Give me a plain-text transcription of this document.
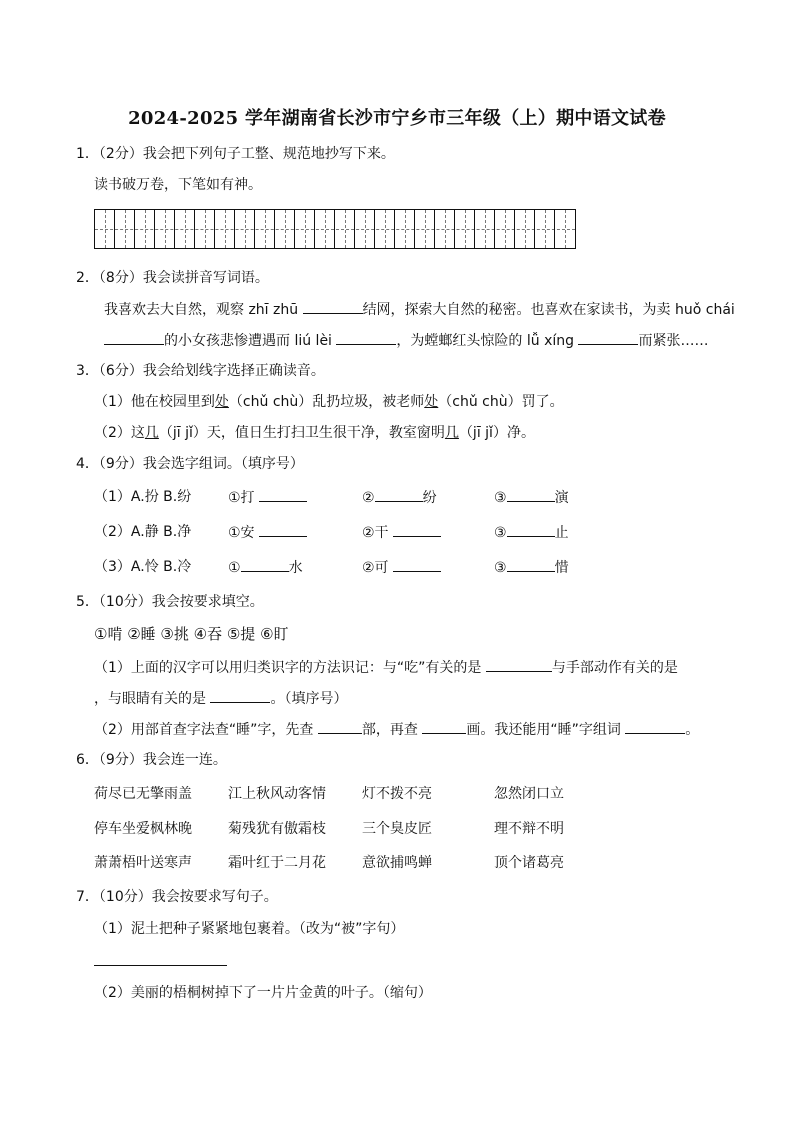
2024-2025 学年湖南省长沙市宁乡市三年级（上）期中语文试卷
1．（2分）我会把下列句子工整、规范地抄写下来。
读书破万卷，下笔如有神。
2．（8分）我会读拼音写词语。
我喜欢去大自然，观察 zhī zhū	结网，探索大自然的秘密。也喜欢在家读书，为卖 huǒ chái
的小女孩悲惨遭遇而 liú lèi	，为螳螂红头惊险的 lǚ xíng	而紧张……
3．（6分）我会给划线字选择正确读音。
（1）他在校园里到处（chǔ chù）乱扔垃圾，被老师处（chǔ chù）罚了。
（2）这几（jī jǐ）天，值日生打扫卫生很干净，教室窗明几（jī jǐ）净。
4．（9分）我会选字组词。（填序号）
（1）A.扮 B.纷	①打	②	纷	③	演
（2）A.静 B.净	①安	②干	③	止
（3）A.怜 B.冷	①	水	②可	③	惜
5．（10分）我会按要求填空。
①啃 ②睡 ③挑 ④吞 ⑤提 ⑥盯
（1）上面的汉字可以用归类识字的方法识记：与“吃”有关的是	与手部动作有关的是
，与眼睛有关的是	。（填序号）
（2）用部首查字法查“睡”字，先查	部，再查	画。我还能用“睡”字组词	。
6．（9分）我会连一连。
荷尽已无擎雨盖	江上秋风动客情	灯不拨不亮	忽然闭口立
停车坐爱枫林晚	菊残犹有傲霜枝	三个臭皮匠	理不辩不明
萧萧梧叶送寒声	霜叶红于二月花	意欲捕鸣蝉	顶个诸葛亮
7．（10分）我会按要求写句子。
（1）泥土把种子紧紧地包裹着。（改为“被”字句）
（2）美丽的梧桐树掉下了一片片金黄的叶子。（缩句）
